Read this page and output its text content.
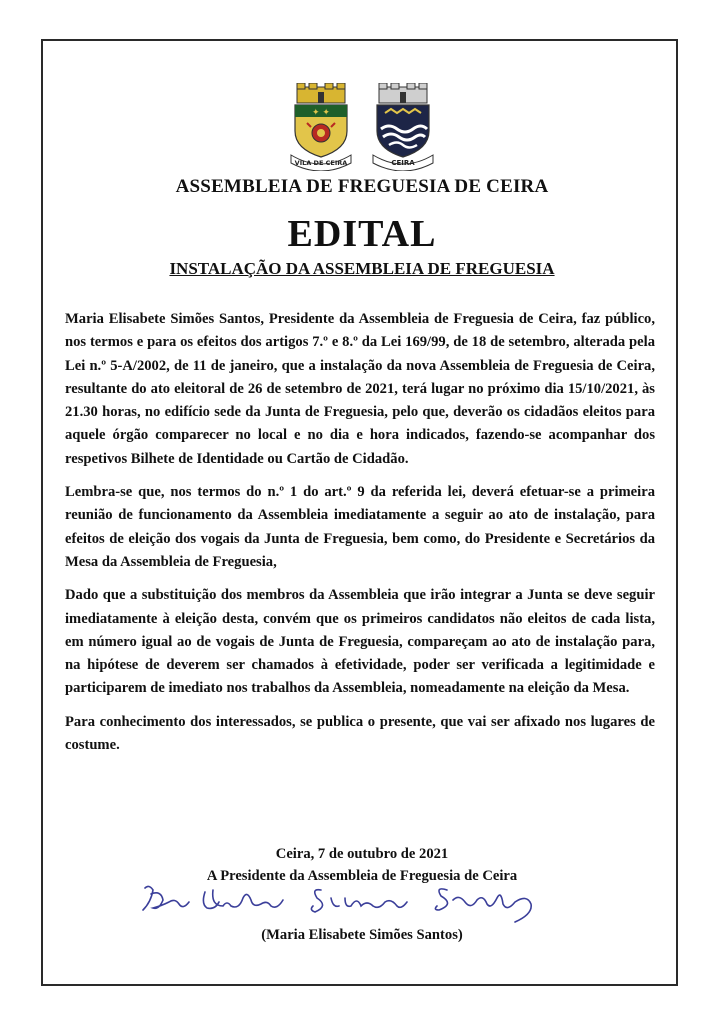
✦ ✦
VILA DE CEIRA	CEIRA
ASSEMBLEIA DE FREGUESIA DE CEIRA
EDITAL
INSTALAÇÃO DA ASSEMBLEIA DE FREGUESIA

Maria Elisabete Simões Santos, Presidente da Assembleia de Freguesia de Ceira, faz público, nos termos e para os efeitos dos artigos 7.º e 8.º da Lei 169/99, de 18 de setembro, alterada pela Lei n.º 5-A/2002, de 11 de janeiro, que a instalação da nova Assembleia de Freguesia de Ceira, resultante do ato eleitoral de 26 de setembro de 2021, terá lugar no próximo dia 15/10/2021, às 21.30 horas, no edifício sede da Junta de Freguesia, pelo que, deverão os cidadãos eleitos para aquele órgão comparecer no local e no dia e hora indicados, fazendo-se acompanhar dos respetivos Bilhete de Identidade ou Cartão de Cidadão.

Lembra-se que, nos termos do n.º 1 do art.º 9 da referida lei, deverá efetuar-se a primeira reunião de funcionamento da Assembleia imediatamente a seguir ao ato de instalação, para efeitos de eleição dos vogais da Junta de Freguesia, bem como, do Presidente e Secretários da Mesa da Assembleia de Freguesia,

Dado que a substituição dos membros da Assembleia que irão integrar a Junta se deve seguir imediatamente à eleição desta, convém que os primeiros candidatos não eleitos de cada lista, em número igual ao de vogais de Junta de Freguesia, compareçam ao ato de instalação para, na hipótese de deverem ser chamados à efetividade, poder ser verificada a legitimidade e participarem de imediato nos trabalhos da Assembleia, nomeadamente na eleição da Mesa.

Para conhecimento dos interessados, se publica o presente, que vai ser afixado nos lugares de costume.

Ceira, 7 de outubro de 2021
A Presidente da Assembleia de Freguesia de Ceira
(Maria Elisabete Simões Santos)
